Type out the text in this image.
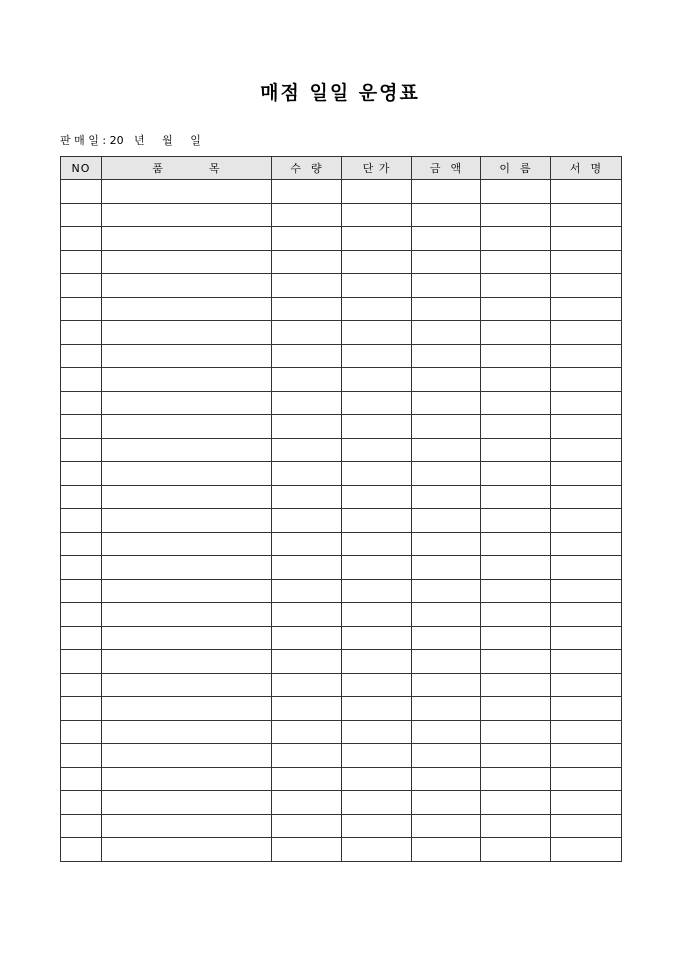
매점 일일 운영표
판 매 일 : 20   년     월     일
NO	품          목	수  량	단 가	금  액	이  름	서  명
